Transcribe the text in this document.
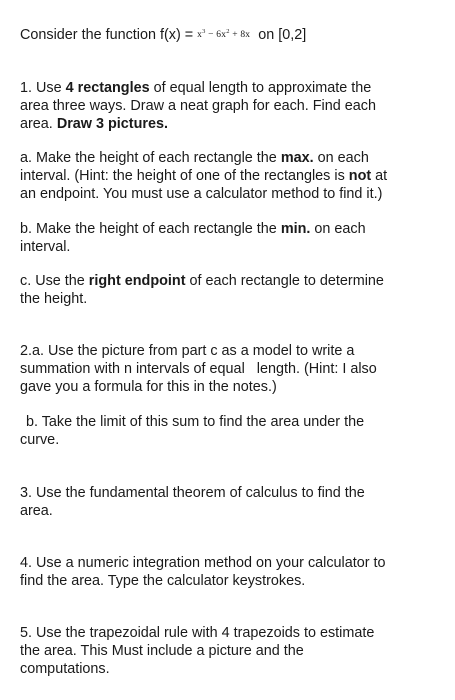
Consider the function $f(x) = x^3 - 6x^2 + 8x$  on [0,2]

1. Use 4 rectangles of equal length to approximate the

area three ways. Draw a neat graph for each. Find each

area. Draw 3 pictures.

a. Make the height of each rectangle the max. on each

interval. (Hint: the height of one of the rectangles is not at

an endpoint. You must use a calculator method to find it.)

b. Make the height of each rectangle the min. on each

interval.

c. Use the right endpoint of each rectangle to determine

the height.

2.a. Use the picture from part c as a model to write a

summation with n intervals of equal   length. (Hint: I also

gave you a formula for this in the notes.)

b. Take the limit of this sum to find the area under the

curve.

3. Use the fundamental theorem of calculus to find the

area.

4. Use a numeric integration method on your calculator to

find the area. Type the calculator keystrokes.

5. Use the trapezoidal rule with 4 trapezoids to estimate

the area. This Must include a picture and the

computations.
